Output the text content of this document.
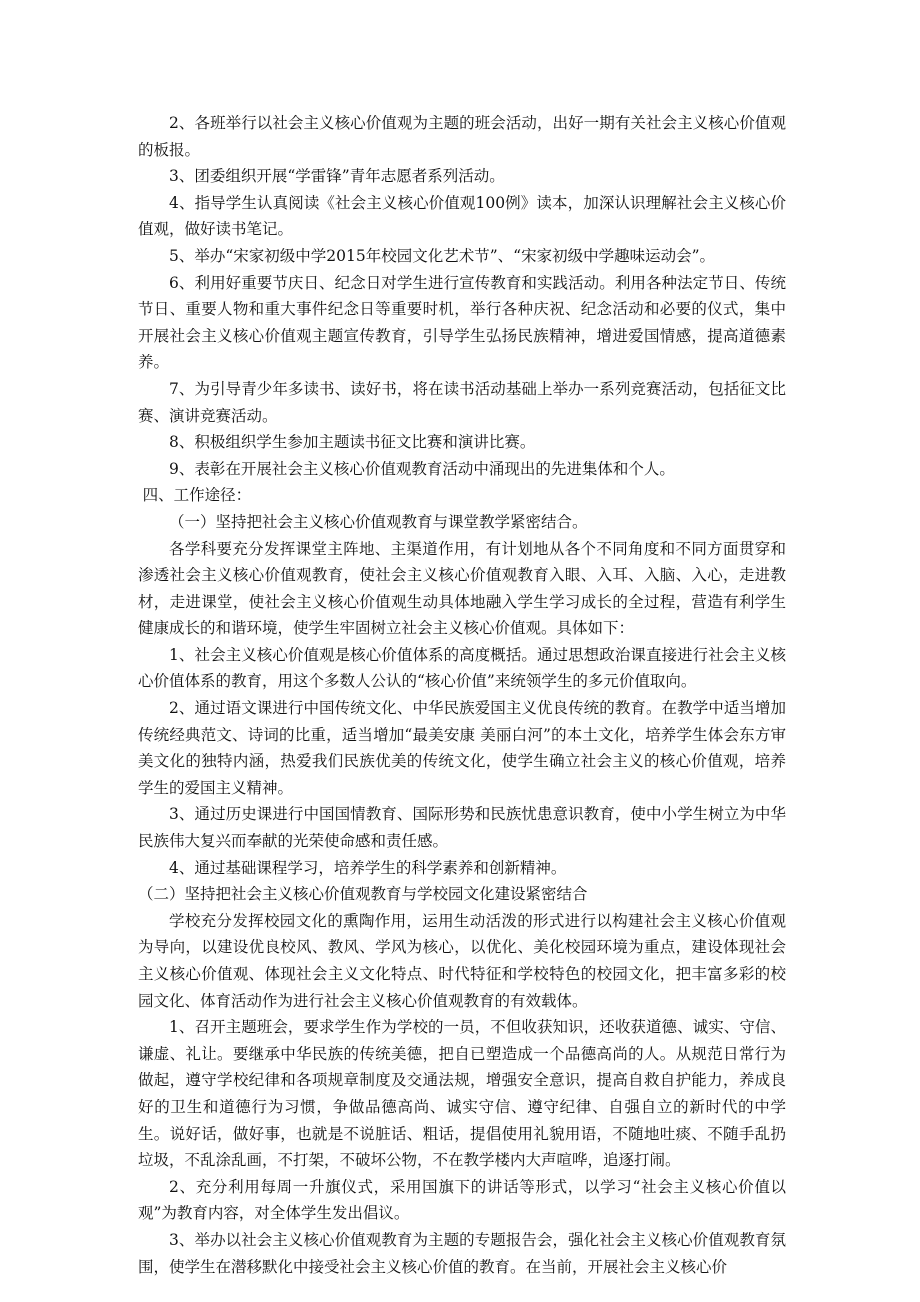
2、各班举行以社会主义核心价值观为主题的班会活动，出好一期有关社会主义核心价值观的板报。

3、团委组织开展“学雷锋”青年志愿者系列活动。

4、指导学生认真阅读《社会主义核心价值观100例》读本，加深认识理解社会主义核心价值观，做好读书笔记。

5、举办“宋家初级中学2015年校园文化艺术节”、“宋家初级中学趣味运动会”。

6、利用好重要节庆日、纪念日对学生进行宣传教育和实践活动。利用各种法定节日、传统节日、重要人物和重大事件纪念日等重要时机，举行各种庆祝、纪念活动和必要的仪式，集中开展社会主义核心价值观主题宣传教育，引导学生弘扬民族精神，增进爱国情感，提高道德素养。

7、为引导青少年多读书、读好书，将在读书活动基础上举办一系列竞赛活动，包括征文比赛、演讲竞赛活动。

8、积极组织学生参加主题读书征文比赛和演讲比赛。

9、表彰在开展社会主义核心价值观教育活动中涌现出的先进集体和个人。

四、工作途径：

（一）坚持把社会主义核心价值观教育与课堂教学紧密结合。

各学科要充分发挥课堂主阵地、主渠道作用，有计划地从各个不同角度和不同方面贯穿和渗透社会主义核心价值观教育，使社会主义核心价值观教育入眼、入耳、入脑、入心，走进教材，走进课堂，使社会主义核心价值观生动具体地融入学生学习成长的全过程，营造有利学生健康成长的和谐环境，使学生牢固树立社会主义核心价值观。具体如下：

1、社会主义核心价值观是核心价值体系的高度概括。通过思想政治课直接进行社会主义核心价值体系的教育，用这个多数人公认的“核心价值”来统领学生的多元价值取向。

2、通过语文课进行中国传统文化、中华民族爱国主义优良传统的教育。在教学中适当增加传统经典范文、诗词的比重，适当增加“最美安康 美丽白河”的本土文化，培养学生体会东方审美文化的独特内涵，热爱我们民族优美的传统文化，使学生确立社会主义的核心价值观，培养学生的爱国主义精神。

3、通过历史课进行中国国情教育、国际形势和民族忧患意识教育，使中小学生树立为中华民族伟大复兴而奉献的光荣使命感和责任感。

4、通过基础课程学习，培养学生的科学素养和创新精神。

（二）坚持把社会主义核心价值观教育与学校园文化建设紧密结合

学校充分发挥校园文化的熏陶作用，运用生动活泼的形式进行以构建社会主义核心价值观为导向，以建设优良校风、教风、学风为核心，以优化、美化校园环境为重点，建设体现社会主义核心价值观、体现社会主义文化特点、时代特征和学校特色的校园文化，把丰富多彩的校园文化、体育活动作为进行社会主义核心价值观教育的有效载体。

1、召开主题班会，要求学生作为学校的一员，不但收获知识，还收获道德、诚实、守信、谦虚、礼让。要继承中华民族的传统美德，把自已塑造成一个品德高尚的人。从规范日常行为做起，遵守学校纪律和各项规章制度及交通法规，增强安全意识，提高自救自护能力，养成良好的卫生和道德行为习惯，争做品德高尚、诚实守信、遵守纪律、自强自立的新时代的中学生。说好话，做好事，也就是不说脏话、粗话，提倡使用礼貌用语，不随地吐痰、不随手乱扔垃圾，不乱涂乱画，不打架，不破坏公物，不在教学楼内大声喧哗，追逐打闹。

2、充分利用每周一升旗仪式，采用国旗下的讲话等形式，以学习“社会主义核心价值以观”为教育内容，对全体学生发出倡议。

3、举办以社会主义核心价值观教育为主题的专题报告会，强化社会主义核心价值观教育氛围，使学生在潜移默化中接受社会主义核心价值的教育。在当前，开展社会主义核心价
